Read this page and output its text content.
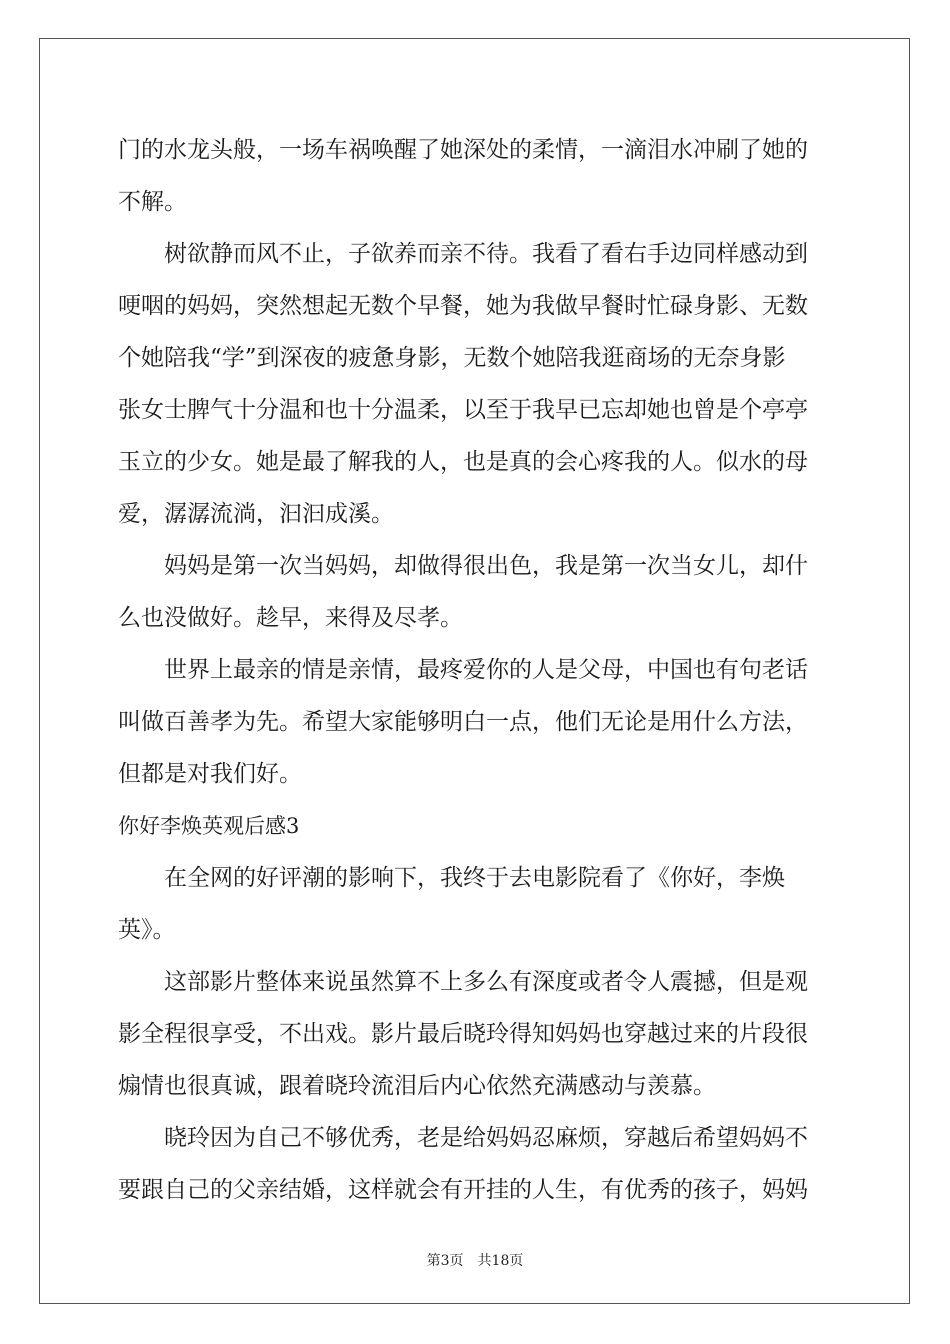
门的水龙头般，一场车祸唤醒了她深处的柔情，一滴泪水冲刷了她的
不解。
树欲静而风不止，子欲养而亲不待。我看了看右手边同样感动到
哽咽的妈妈，突然想起无数个早餐，她为我做早餐时忙碌身影、无数
个她陪我“学”到深夜的疲惫身影，无数个她陪我逛商场的无奈身影
张女士脾气十分温和也十分温柔，以至于我早已忘却她也曾是个亭亭
玉立的少女。她是最了解我的人，也是真的会心疼我的人。似水的母
爱，潺潺流淌，汩汩成溪。
妈妈是第一次当妈妈，却做得很出色，我是第一次当女儿，却什
么也没做好。趁早，来得及尽孝。
世界上最亲的情是亲情，最疼爱你的人是父母，中国也有句老话
叫做百善孝为先。希望大家能够明白一点，他们无论是用什么方法，
但都是对我们好。
你好李焕英观后感3
在全网的好评潮的影响下，我终于去电影院看了《你好，李焕
英》。
这部影片整体来说虽然算不上多么有深度或者令人震撼，但是观
影全程很享受，不出戏。影片最后晓玲得知妈妈也穿越过来的片段很
煽情也很真诚，跟着晓玲流泪后内心依然充满感动与羡慕。
晓玲因为自己不够优秀，老是给妈妈忍麻烦，穿越后希望妈妈不
要跟自己的父亲结婚，这样就会有开挂的人生，有优秀的孩子，妈妈
第3页　共18页
